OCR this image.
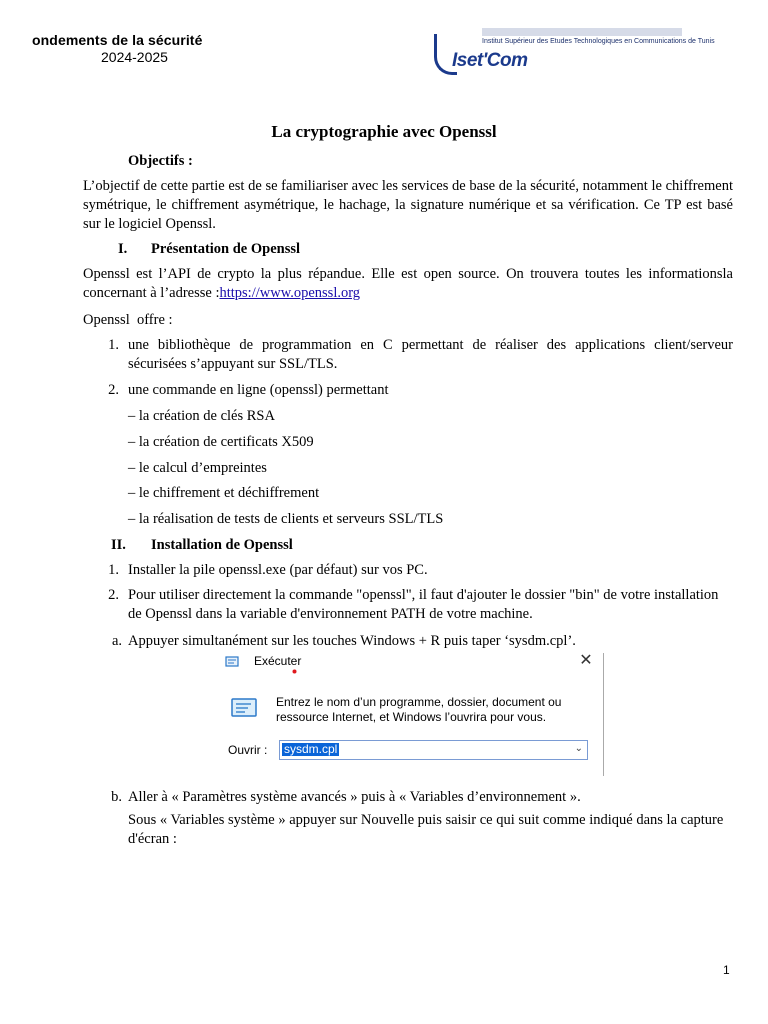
ondements de la sécurité
2024-2025
Institut Supérieur des Etudes Technologiques en Communications de Tunis
Iset'Com
La cryptographie avec Openssl
Objectifs :
L’objectif de cette partie est de se familiariser avec les services de base de la sécurité, notamment le chiffrement symétrique, le chiffrement asymétrique, le hachage, la signature numérique et sa vérification. Ce TP est basé sur le logiciel Openssl.
I. Présentation de Openssl
Openssl est l’API de crypto la plus répandue. Elle est open source. On trouvera toutes les informationsla concernant à l’adresse :https://www.openssl.org
Openssl  offre :
1. une bibliothèque de programmation en C permettant de réaliser des applications client/serveur sécurisées s’appuyant sur SSL/TLS.
2. une commande en ligne (openssl) permettant
– la création de clés RSA
– la création de certificats X509
– le calcul d’empreintes
– le chiffrement et déchiffrement
– la réalisation de tests de clients et serveurs SSL/TLS
II. Installation de Openssl
1. Installer la pile openssl.exe (par défaut) sur vos PC.
2. Pour utiliser directement la commande "openssl", il faut d'ajouter le dossier "bin" de votre installation de Openssl dans la variable d'environnement PATH de votre machine.
a. Appuyer simultanément sur les touches Windows + R puis taper ‘sysdm.cpl’.
Exécuter	✕
Entrez le nom d’un programme, dossier, document ou ressource Internet, et Windows l’ouvrira pour vous.
Ouvrir : sysdm.cpl	⌄
b. Aller à « Paramètres système avancés » puis à « Variables d’environnement ».
Sous « Variables système » appuyer sur Nouvelle puis saisir ce qui suit comme indiqué dans la capture d'écran :
1
